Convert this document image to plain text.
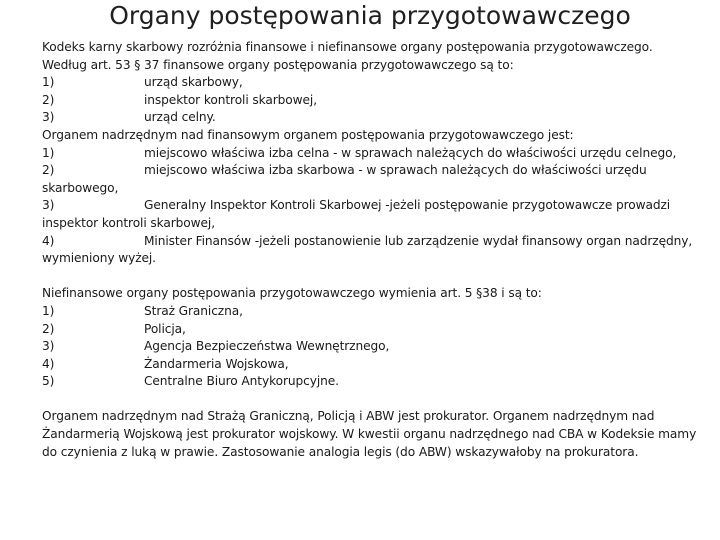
Organy postępowania przygotowawczego
Kodeks karny skarbowy rozróżnia finansowe i niefinansowe organy postępowania przygotowawczego.
Według art. 53 § 37 finansowe organy postępowania przygotowawczego są to:
1)	urząd skarbowy,
2)	inspektor kontroli skarbowej,
3)	urząd celny.
Organem nadrzędnym nad finansowym organem postępowania przygotowawczego jest:
1)	miejscowo właściwa izba celna - w sprawach należących do właściwości urzędu celnego,
2)	miejscowo właściwa izba skarbowa - w sprawach należących do właściwości urzędu skarbowego,
3)	Generalny Inspektor Kontroli Skarbowej -jeżeli postępowanie przygotowawcze prowadzi inspektor kontroli skarbowej,
4)	Minister Finansów -jeżeli postanowienie lub zarządzenie wydał finansowy organ nadrzędny, wymieniony wyżej.
Niefinansowe organy postępowania przygotowawczego wymienia art. 5 §38 i są to:
1)	Straż Graniczna,
2)	Policja,
3)	Agencja Bezpieczeństwa Wewnętrznego,
4)	Żandarmeria Wojskowa,
5)	Centralne Biuro Antykorupcyjne.
Organem nadrzędnym nad Strażą Graniczną, Policją i ABW jest prokurator. Organem nadrzędnym nad Żandarmerią Wojskową jest prokurator wojskowy. W kwestii organu nadrzędnego nad CBA w Kodeksie mamy do czynienia z luką w prawie. Zastosowanie analogia legis (do ABW) wskazywałoby na prokuratora.
